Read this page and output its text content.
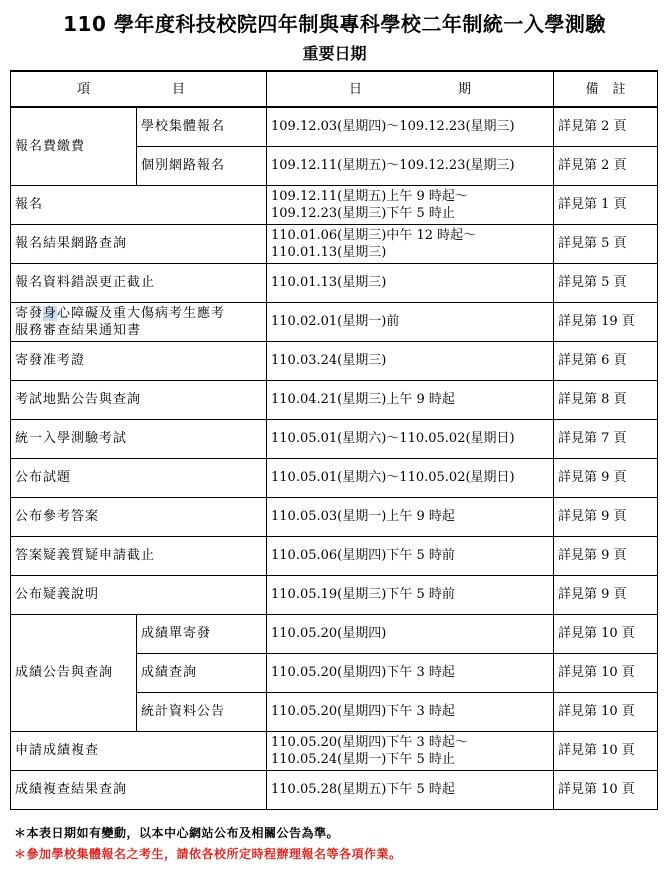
110 學年度科技校院四年制與專科學校二年制統一入學測驗
重要日期
項 目		日 期	備 註
報名費繳費	學校集體報名	109.12.03(星期四)～109.12.23(星期三)	詳見第 2 頁
	個別網路報名	109.12.11(星期五)～109.12.23(星期三)	詳見第 2 頁
報名		109.12.11(星期五)上午 9 時起～
109.12.23(星期三)下午 5 時止	詳見第 1 頁
報名結果網路查詢		110.01.06(星期三)中午 12 時起～
110.01.13(星期三)	詳見第 5 頁
報名資料錯誤更正截止		110.01.13(星期三)	詳見第 5 頁

寄發身心障礙及重大傷病考生應考
服務審查結果通知書		110.02.01(星期一)前	詳見第 19 頁
寄發准考證		110.03.24(星期三)	詳見第 6 頁
考試地點公告與查詢		110.04.21(星期三)上午 9 時起	詳見第 8 頁
統一入學測驗考試		110.05.01(星期六)～110.05.02(星期日)	詳見第 7 頁
公布試題		110.05.01(星期六)～110.05.02(星期日)	詳見第 9 頁
公布參考答案		110.05.03(星期一)上午 9 時起	詳見第 9 頁
答案疑義質疑申請截止		110.05.06(星期四)下午 5 時前	詳見第 9 頁
公布疑義說明		110.05.19(星期三)下午 5 時前	詳見第 9 頁
成績公告與查詢	成績單寄發	110.05.20(星期四)	詳見第 10 頁
	成績查詢	110.05.20(星期四)下午 3 時起	詳見第 10 頁
	統計資料公告	110.05.20(星期四)下午 3 時起	詳見第 10 頁
申請成績複查		110.05.20(星期四)下午 3 時起～
110.05.24(星期一)下午 5 時止	詳見第 10 頁
成績複查結果查詢		110.05.28(星期五)下午 5 時起	詳見第 10 頁
＊本表日期如有變動，以本中心網站公布及相關公告為準。
＊參加學校集體報名之考生，請依各校所定時程辦理報名等各項作業。
